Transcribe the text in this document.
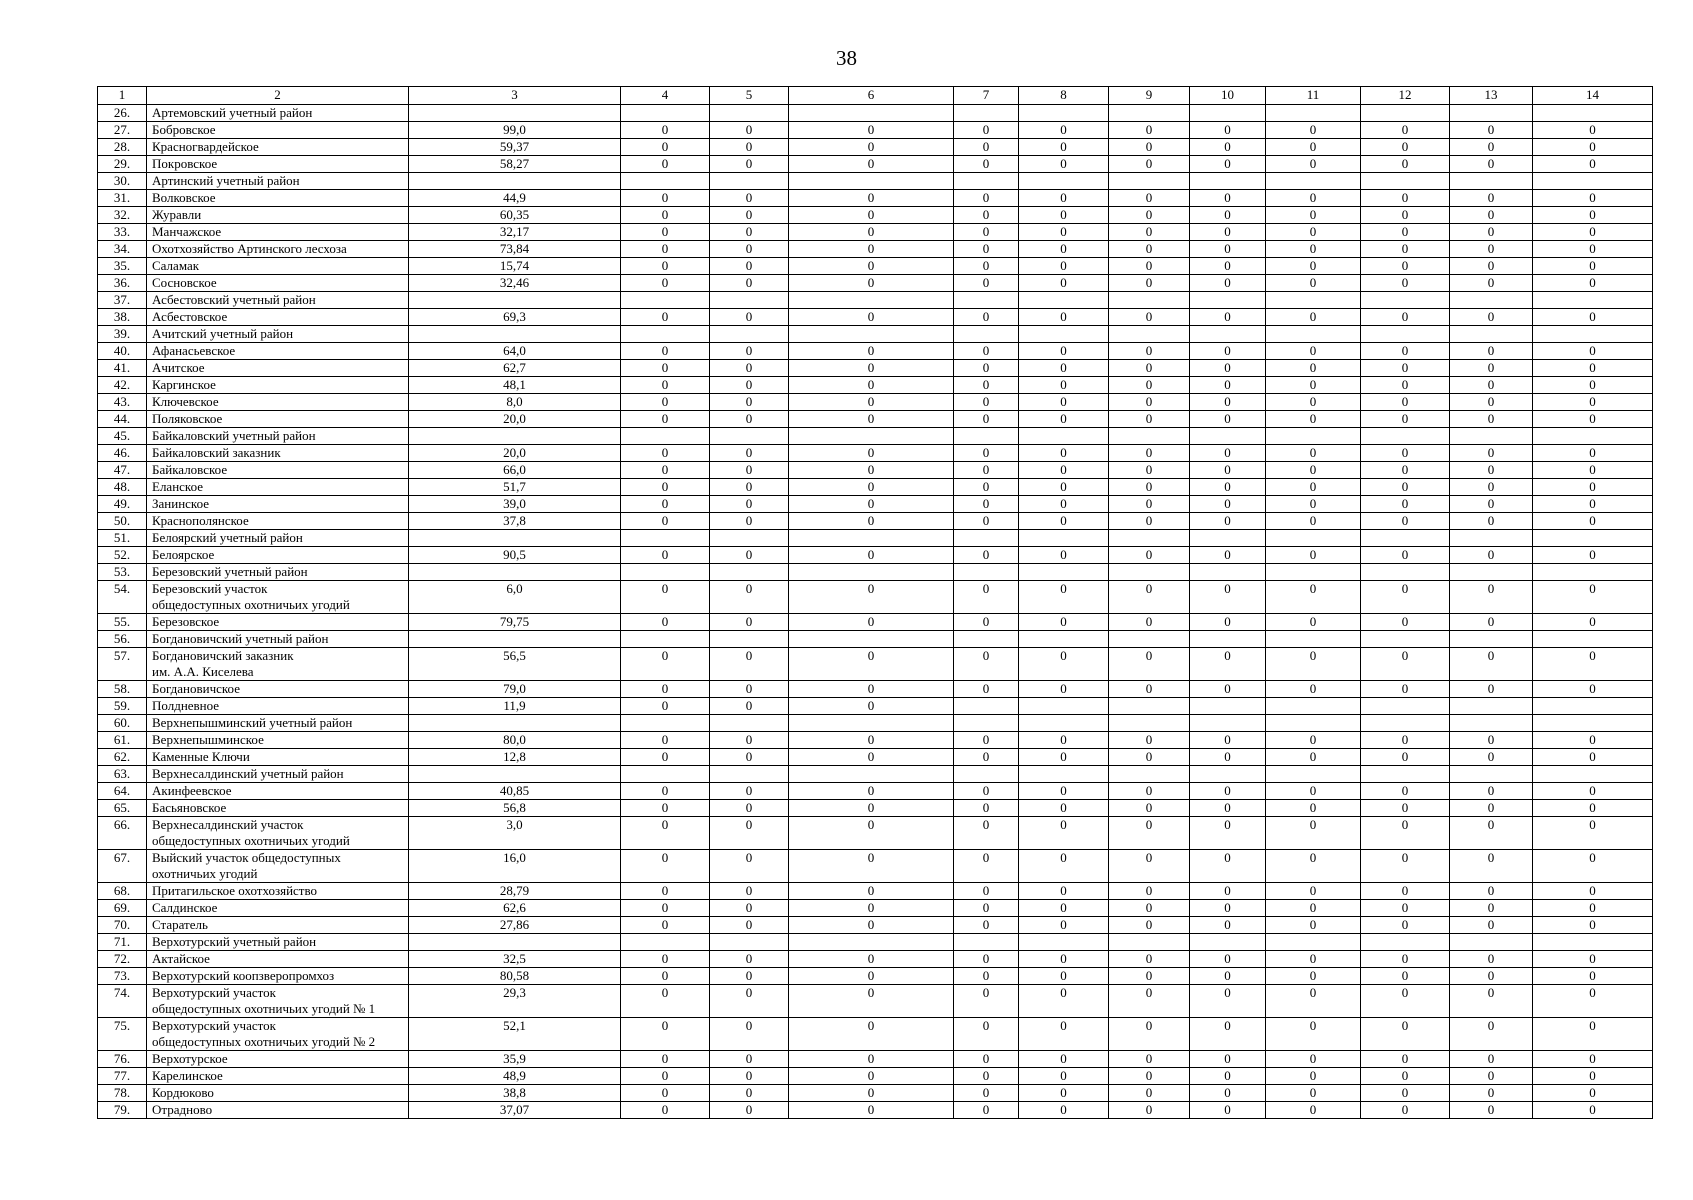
38
1	2	3	4	5	6	7	8	9	10	11	12	13	14
26.	Артемовский учетный район												

27.	Бобровское	99,0	0	0	0	0	0	0	0	0	0	0	0
28.	Красногвардейское	59,37	0	0	0	0	0	0	0	0	0	0	0
29.	Покровское	58,27	0	0	0	0	0	0	0	0	0	0	0
30.	Артинский учетный район												

31.	Волковское	44,9	0	0	0	0	0	0	0	0	0	0	0
32.	Журавли	60,35	0	0	0	0	0	0	0	0	0	0	0
33.	Манчажское	32,17	0	0	0	0	0	0	0	0	0	0	0
34.	Охотхозяйство Артинского лесхоза	73,84	0	0	0	0	0	0	0	0	0	0	0
35.	Саламак	15,74	0	0	0	0	0	0	0	0	0	0	0
36.	Сосновское	32,46	0	0	0	0	0	0	0	0	0	0	0
37.	Асбестовский учетный район												

38.	Асбестовское	69,3	0	0	0	0	0	0	0	0	0	0	0
39.	Ачитский учетный район												

40.	Афанасьевское	64,0	0	0	0	0	0	0	0	0	0	0	0
41.	Ачитское	62,7	0	0	0	0	0	0	0	0	0	0	0
42.	Каргинское	48,1	0	0	0	0	0	0	0	0	0	0	0
43.	Ключевское	8,0	0	0	0	0	0	0	0	0	0	0	0
44.	Поляковское	20,0	0	0	0	0	0	0	0	0	0	0	0
45.	Байкаловский учетный район												

46.	Байкаловский заказник	20,0	0	0	0	0	0	0	0	0	0	0	0
47.	Байкаловское	66,0	0	0	0	0	0	0	0	0	0	0	0
48.	Еланское	51,7	0	0	0	0	0	0	0	0	0	0	0
49.	Занинское	39,0	0	0	0	0	0	0	0	0	0	0	0
50.	Краснополянское	37,8	0	0	0	0	0	0	0	0	0	0	0
51.	Белоярский учетный район												

52.	Белоярское	90,5	0	0	0	0	0	0	0	0	0	0	0
53.	Березовский учетный район												

54.	Березовский участок
общедоступных охотничьих угодий	6,0	0	0	0	0	0	0	0	0	0	0	0
55.	Березовское	79,75	0	0	0	0	0	0	0	0	0	0	0
56.	Богдановичский учетный район												

57.	Богдановичский заказник
им. А.А. Киселева	56,5	0	0	0	0	0	0	0	0	0	0	0
58.	Богдановичское	79,0	0	0	0	0	0	0	0	0	0	0	0
59.	Полдневное	11,9	0	0	0								
60.	Верхнепышминский учетный район												

61.	Верхнепышминское	80,0	0	0	0	0	0	0	0	0	0	0	0
62.	Каменные Ключи	12,8	0	0	0	0	0	0	0	0	0	0	0
63.	Верхнесалдинский учетный район												

64.	Акинфеевское	40,85	0	0	0	0	0	0	0	0	0	0	0
65.	Басьяновское	56,8	0	0	0	0	0	0	0	0	0	0	0
66.	Верхнесалдинский участок
общедоступных охотничьих угодий	3,0	0	0	0	0	0	0	0	0	0	0	0
67.	Выйский участок общедоступных
охотничьих угодий	16,0	0	0	0	0	0	0	0	0	0	0	0
68.	Притагильское охотхозяйство	28,79	0	0	0	0	0	0	0	0	0	0	0
69.	Салдинское	62,6	0	0	0	0	0	0	0	0	0	0	0
70.	Старатель	27,86	0	0	0	0	0	0	0	0	0	0	0
71.	Верхотурский учетный район												

72.	Актайское	32,5	0	0	0	0	0	0	0	0	0	0	0
73.	Верхотурский коопзверопромхоз	80,58	0	0	0	0	0	0	0	0	0	0	0
74.	Верхотурский участок
общедоступных охотничьих угодий № 1	29,3	0	0	0	0	0	0	0	0	0	0	0
75.	Верхотурский участок
общедоступных охотничьих угодий № 2	52,1	0	0	0	0	0	0	0	0	0	0	0
76.	Верхотурское	35,9	0	0	0	0	0	0	0	0	0	0	0
77.	Карелинское	48,9	0	0	0	0	0	0	0	0	0	0	0
78.	Кордюково	38,8	0	0	0	0	0	0	0	0	0	0	0
79.	Отрадново	37,07	0	0	0	0	0	0	0	0	0	0	0
